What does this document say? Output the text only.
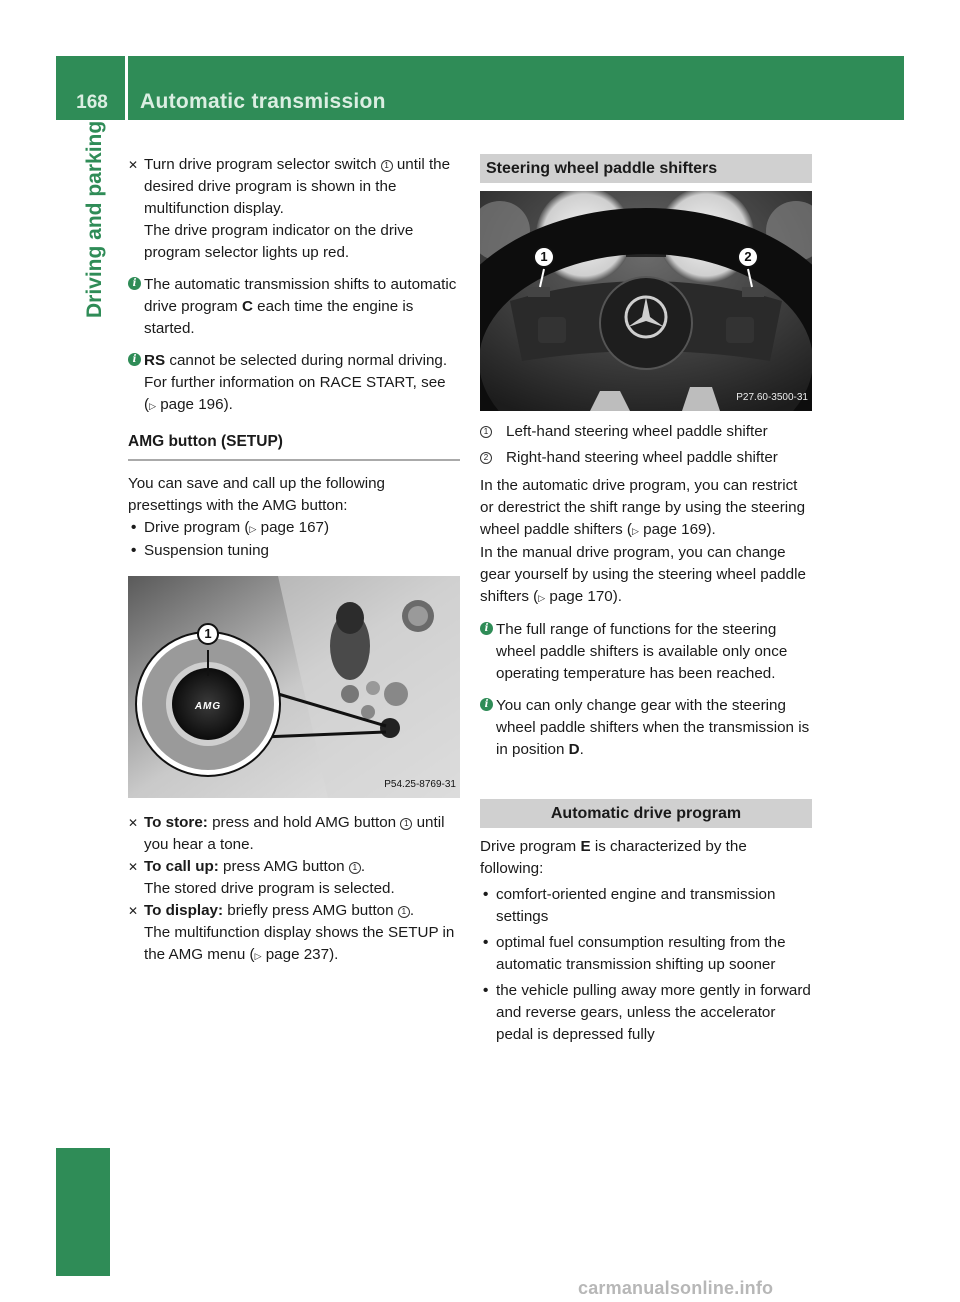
168	Automatic transmission
Driving and parking
✕	Turn drive program selector switch 1 until the desired drive program is shown in the multifunction display.
The drive program indicator on the drive program selector lights up red.
i The automatic transmission shifts to automatic drive program C each time the engine is started.
i RS cannot be selected during normal driving. For further information on RACE START, see (▷ page 196).
AMG button (SETUP)
You can save and call up the following presettings with the AMG button:
• Drive program (▷ page 167)
• Suspension tuning
1
AMG
P54.25-8769-31
✕ To store: press and hold AMG button 1 until you hear a tone.
✕ To call up: press AMG button 1 .
The stored drive program is selected.
✕ To display: briefly press AMG button 1 .
The multifunction display shows the SETUP in the AMG menu (▷ page 237).
Steering wheel paddle shifters
1	2
P27.60-3500-31
1 Left-hand steering wheel paddle shifter
2 Right-hand steering wheel paddle shifter
In the automatic drive program, you can restrict or derestrict the shift range by using the steering wheel paddle shifters (▷ page 169).
In the manual drive program, you can change gear yourself by using the steering wheel paddle shifters (▷ page 170).
i The full range of functions for the steering wheel paddle shifters is available only once operating temperature has been reached.
i You can only change gear with the steering wheel paddle shifters when the transmission is in position D.
Automatic drive program
Drive program E is characterized by the following:
• comfort-oriented engine and transmission settings
• optimal fuel consumption resulting from the automatic transmission shifting up sooner
• the vehicle pulling away more gently in forward and reverse gears, unless the accelerator pedal is depressed fully
carmanualsonline.info
